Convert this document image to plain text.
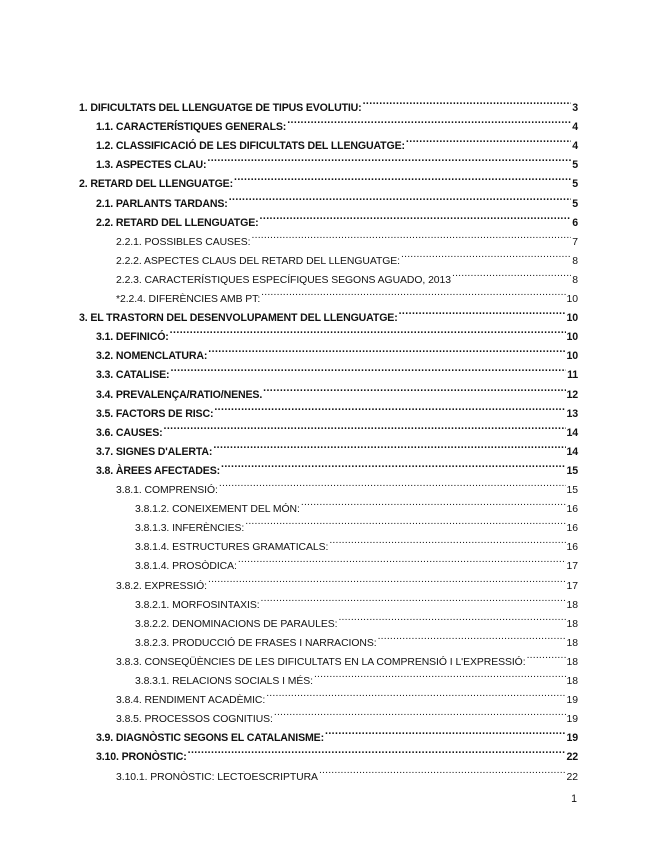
1. DIFICULTATS DEL LLENGUATGE DE TIPUS EVOLUTIU: .....	3
1.1. CARACTERÍSTIQUES GENERALS: .....	4
1.2. CLASSIFICACIÓ DE LES DIFICULTATS DEL LLENGUATGE: .....	4
1.3. ASPECTES CLAU: .....	5
2. RETARD DEL LLENGUATGE: .....	5
2.1. PARLANTS TARDANS: .....	5
2.2. RETARD DEL LLENGUATGE: .....	6
2.2.1. POSSIBLES CAUSES: .....	7
2.2.2. ASPECTES CLAUS DEL RETARD DEL LLENGUATGE: .....	8
2.2.3. CARACTERÍSTIQUES ESPECÍFIQUES SEGONS AGUADO, 2013 .....	8
*2.2.4. DIFERÈNCIES AMB PT: .....	10
3. EL TRASTORN DEL DESENVOLUPAMENT DEL LLENGUATGE: .....	10
3.1. DEFINICÓ: .....	10
3.2. NOMENCLATURA: .....	10
3.3. CATALISE: .....	11
3.4. PREVALENÇA/RATIO/NENES. .....	12
3.5. FACTORS DE RISC: .....	13
3.6. CAUSES: .....	14
3.7. SIGNES D'ALERTA: .....	14
3.8. ÀREES AFECTADES: .....	15
3.8.1. COMPRENSIÓ: .....	15
3.8.1.2. CONEIXEMENT DEL MÓN: .....	16
3.8.1.3. INFERÈNCIES: .....	16
3.8.1.4. ESTRUCTURES GRAMATICALS: .....	16
3.8.1.4. PROSÒDICA: .....	17
3.8.2. EXPRESSIÓ: .....	17
3.8.2.1. MORFOSINTAXIS: .....	18
3.8.2.2. DENOMINACIONS DE PARAULES: .....	18
3.8.2.3. PRODUCCIÓ DE FRASES I NARRACIONS: .....	18
3.8.3. CONSEQÜÈNCIES DE LES DIFICULTATS EN LA COMPRENSIÓ I L'EXPRESSIÓ: .....	18
3.8.3.1. RELACIONS SOCIALS I MÉS: .....	18
3.8.4. RENDIMENT ACADÈMIC: .....	19
3.8.5. PROCESSOS COGNITIUS: .....	19
3.9. DIAGNÒSTIC SEGONS EL CATALANISME: .....	19
3.10. PRONÒSTIC: .....	22
3.10.1. PRONÒSTIC: LECTOESCRIPTURA .....	22
1
